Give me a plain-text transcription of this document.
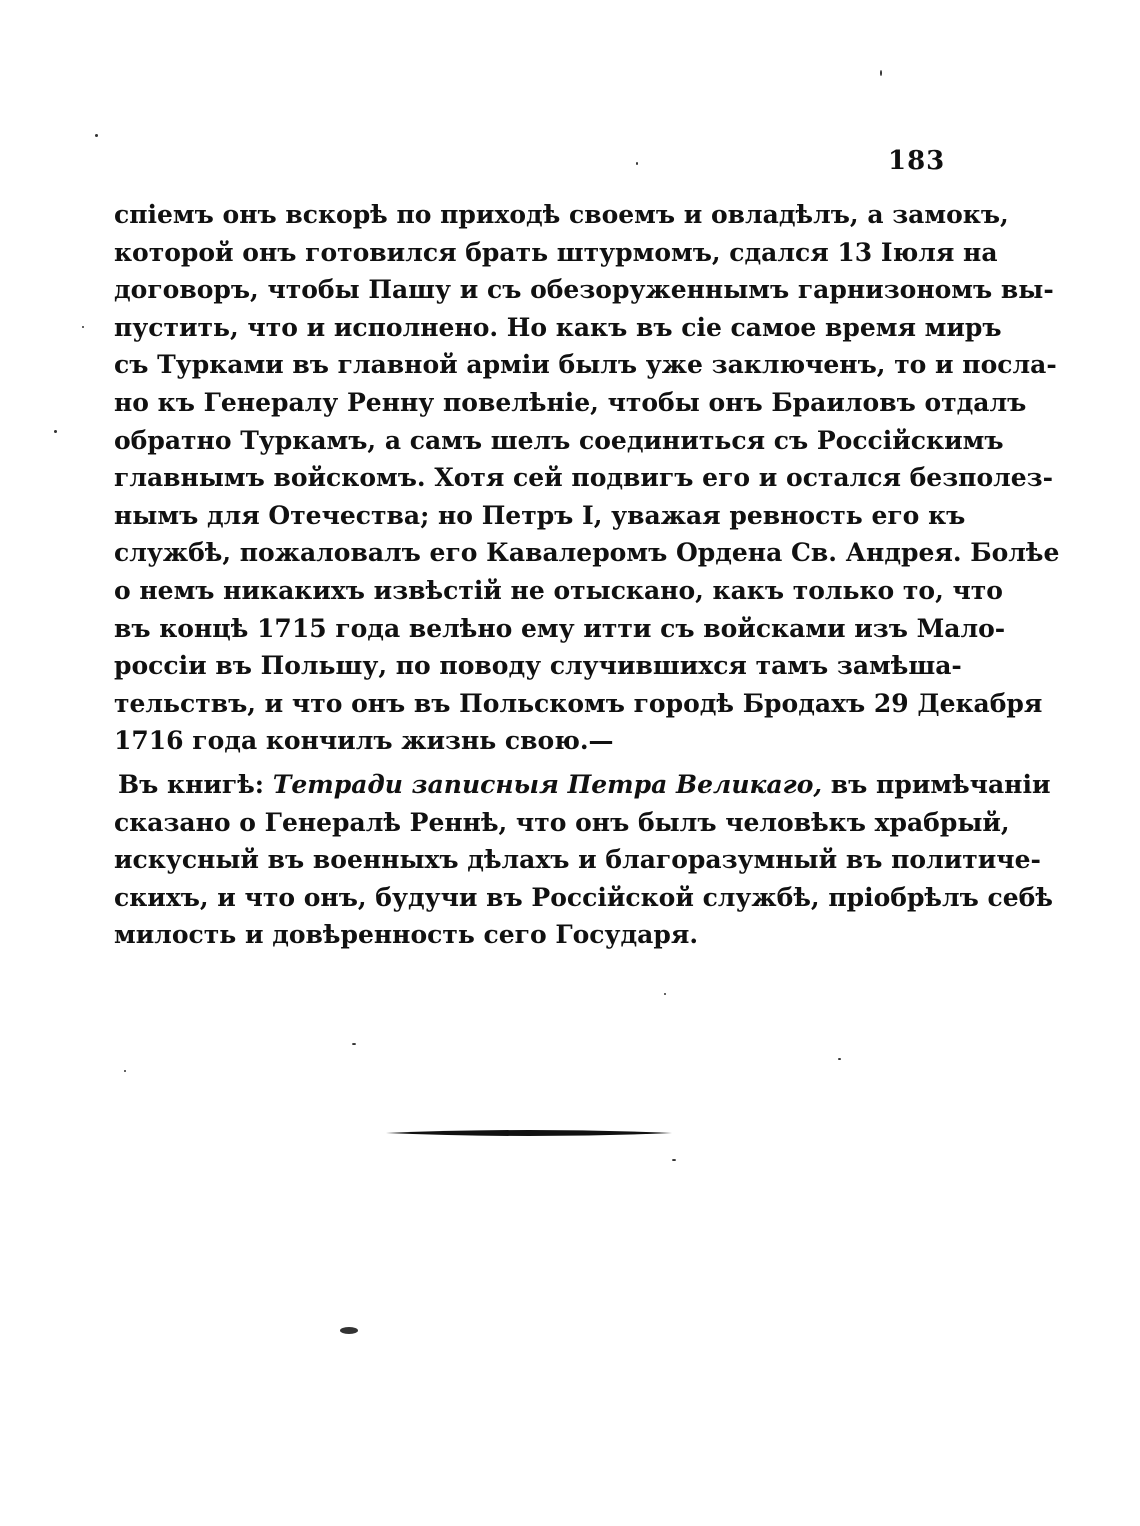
183
спіемъ онъ вскорѣ по приходѣ своемъ и овладѣлъ, а замокъ,
которой онъ готовился брать штурмомъ, сдался 13 Іюля на
договоръ, чтобы Пашу и съ обезоруженнымъ гарнизономъ вы-
пустить, что и исполнено. Но какъ въ сіе самое время миръ
съ Турками въ главной арміи былъ уже заключенъ, то и посла-
но къ Генералу Ренну повелѣніе, чтобы онъ Браиловъ отдалъ
обратно Туркамъ, а самъ шелъ соединиться съ Россійскимъ
главнымъ войскомъ. Хотя сей подвигъ его и остался безполез-
нымъ для Отечества; но Петръ I, уважая ревность его къ
службѣ, пожаловалъ его Кавалеромъ Ордена Св. Андрея. Болѣе
о немъ никакихъ извѣстій не отыскано, какъ только то, что
въ концѣ 1715 года велѣно ему итти съ войсками изъ Мало-
россіи въ Польшу, по поводу случившихся тамъ замѣша-
тельствъ, и что онъ въ Польскомъ городѣ Бродахъ 29 Декабря
1716 года кончилъ жизнь свою.—
Въ книгѣ: Тетради записныя Петра Великаго, въ примѣчаніи
сказано о Генералѣ Реннѣ, что онъ былъ человѣкъ храбрый,
искусный въ военныхъ дѣлахъ и благоразумный въ политиче-
скихъ, и что онъ, будучи въ Россійской службѣ, пріобрѣлъ себѣ
милость и довѣренность сего Государя.
